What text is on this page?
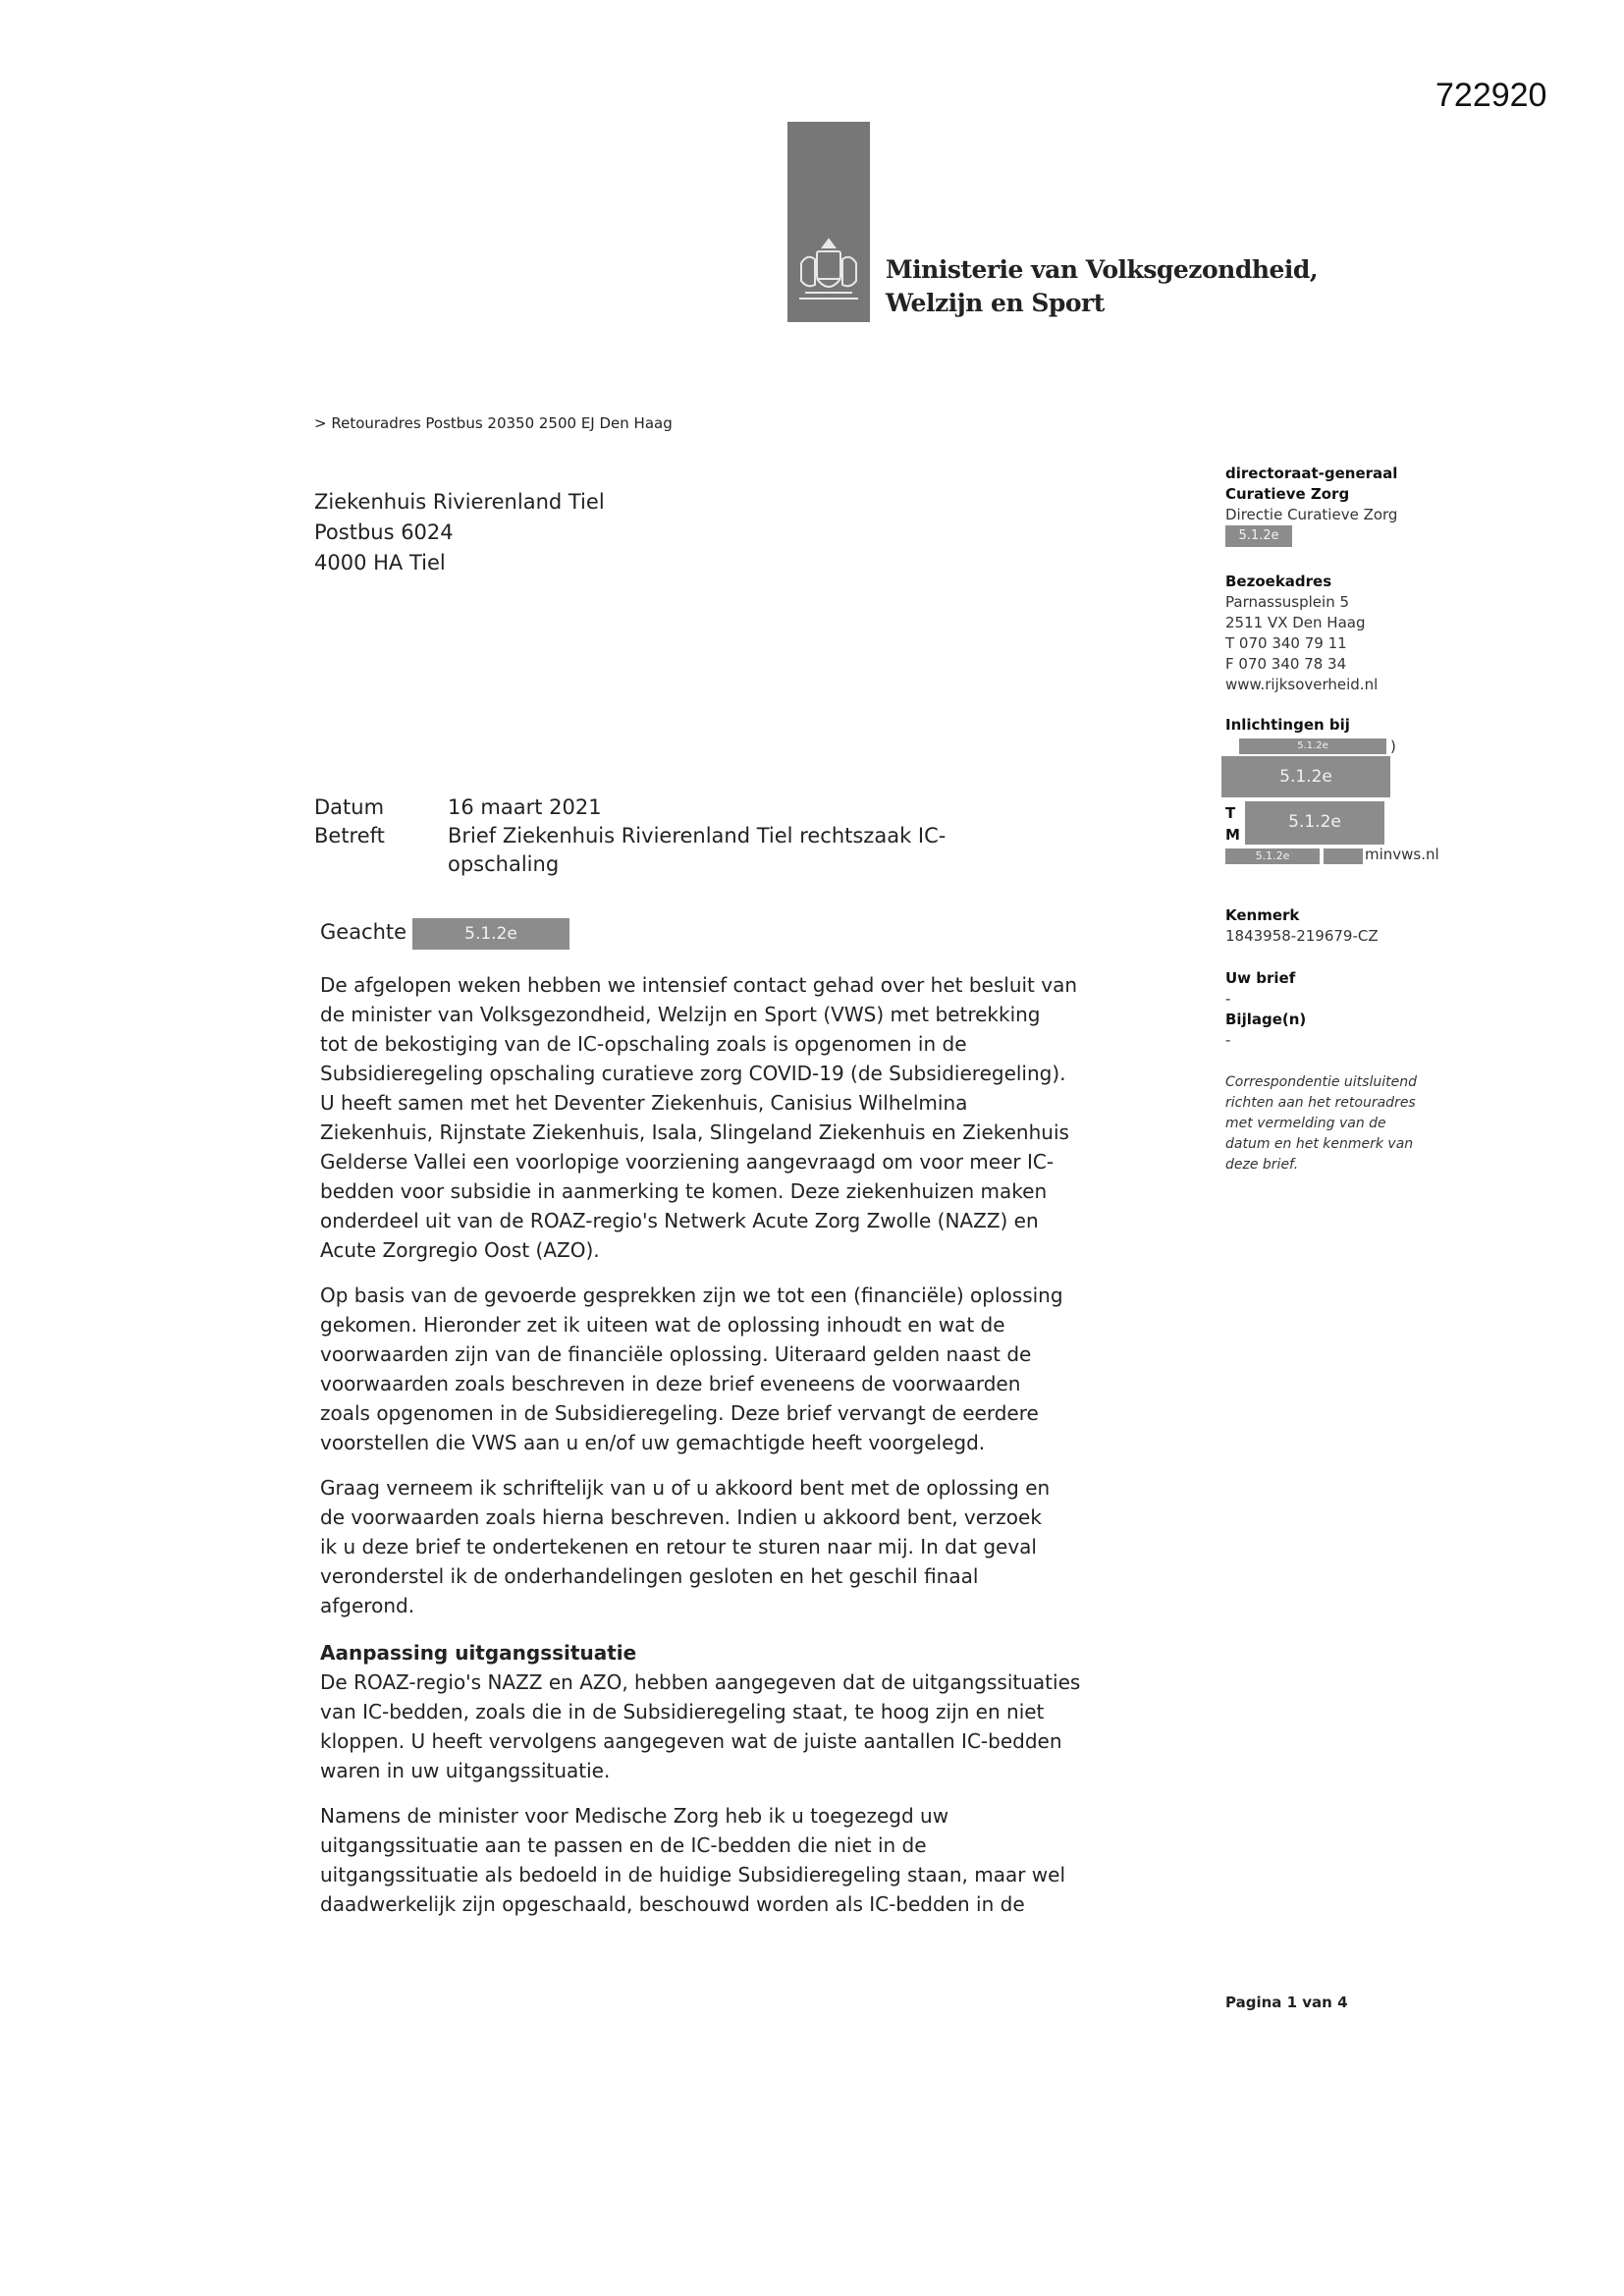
722920
Ministerie van Volksgezondheid,
Welzijn en Sport
> Retouradres Postbus 20350 2500 EJ Den Haag
Ziekenhuis Rivierenland Tiel
Postbus 6024
4000 HA Tiel
directoraat-generaal
Curatieve Zorg
Directie Curatieve Zorg
5.1.2e
Bezoekadres
Parnassusplein 5
2511 VX Den Haag
T 070 340 79 11
F 070 340 78 34
www.rijksoverheid.nl
Inlichtingen bij
5.1.2e	)
5.1.2e
T
M
5.1.2e
5.1.2e	minvws.nl
Kenmerk
1843958-219679-CZ
Uw brief
-
Bijlage(n)
-
Correspondentie uitsluitend
richten aan het retouradres
met vermelding van de
datum en het kenmerk van
deze brief.
Datum	16 maart 2021
Betreft	Brief Ziekenhuis Rivierenland Tiel rechtszaak IC-
opschaling
Geachte	5.1.2e
De afgelopen weken hebben we intensief contact gehad over het besluit van
de minister van Volksgezondheid, Welzijn en Sport (VWS) met betrekking
tot de bekostiging van de IC-opschaling zoals is opgenomen in de
Subsidieregeling opschaling curatieve zorg COVID-19 (de Subsidieregeling).
U heeft samen met het Deventer Ziekenhuis, Canisius Wilhelmina
Ziekenhuis, Rijnstate Ziekenhuis, Isala, Slingeland Ziekenhuis en Ziekenhuis
Gelderse Vallei een voorlopige voorziening aangevraagd om voor meer IC-
bedden voor subsidie in aanmerking te komen. Deze ziekenhuizen maken
onderdeel uit van de ROAZ-regio's Netwerk Acute Zorg Zwolle (NAZZ) en
Acute Zorgregio Oost (AZO).
Op basis van de gevoerde gesprekken zijn we tot een (financiële) oplossing
gekomen. Hieronder zet ik uiteen wat de oplossing inhoudt en wat de
voorwaarden zijn van de financiële oplossing. Uiteraard gelden naast de
voorwaarden zoals beschreven in deze brief eveneens de voorwaarden
zoals opgenomen in de Subsidieregeling. Deze brief vervangt de eerdere
voorstellen die VWS aan u en/of uw gemachtigde heeft voorgelegd.
Graag verneem ik schriftelijk van u of u akkoord bent met de oplossing en
de voorwaarden zoals hierna beschreven. Indien u akkoord bent, verzoek
ik u deze brief te ondertekenen en retour te sturen naar mij. In dat geval
veronderstel ik de onderhandelingen gesloten en het geschil finaal
afgerond.
Aanpassing uitgangssituatie
De ROAZ-regio's NAZZ en AZO, hebben aangegeven dat de uitgangssituaties
van IC-bedden, zoals die in de Subsidieregeling staat, te hoog zijn en niet
kloppen. U heeft vervolgens aangegeven wat de juiste aantallen IC-bedden
waren in uw uitgangssituatie.
Namens de minister voor Medische Zorg heb ik u toegezegd uw
uitgangssituatie aan te passen en de IC-bedden die niet in de
uitgangssituatie als bedoeld in de huidige Subsidieregeling staan, maar wel
daadwerkelijk zijn opgeschaald, beschouwd worden als IC-bedden in de
Pagina 1 van 4
